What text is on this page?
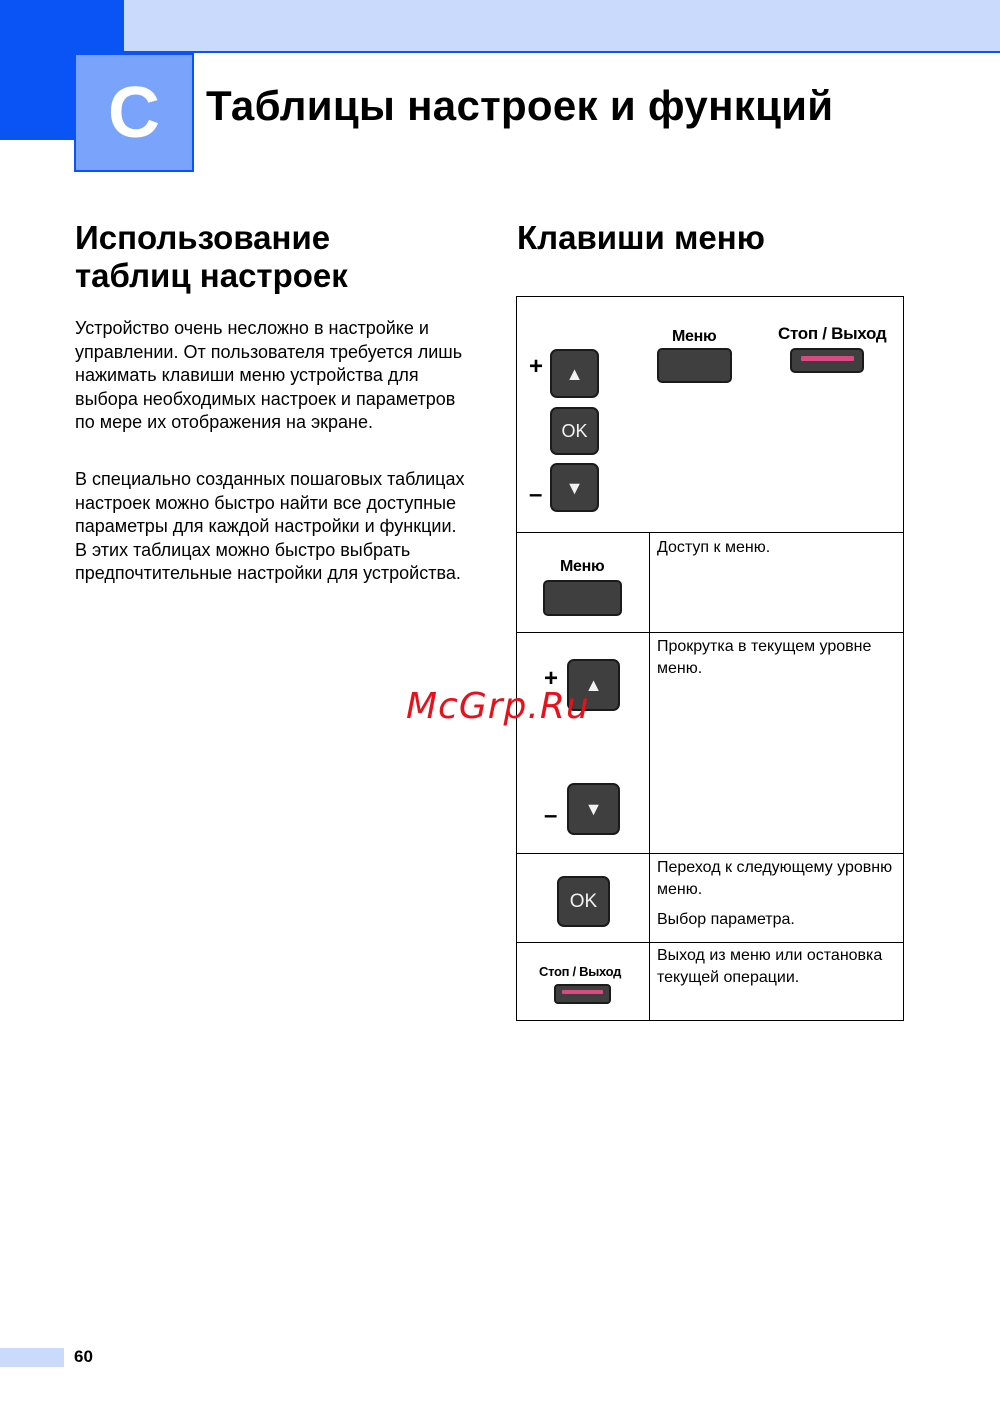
C Таблицы настроек и функций
Использование
таблиц настроек
Устройство очень несложно в настройке и управлении. От пользователя требуется лишь нажимать клавиши меню устройства для выбора необходимых настроек и параметров по мере их отображения на экране.
В специально созданных пошаговых таблицах настроек можно быстро найти все доступные параметры для каждой настройки и функции. В этих таблицах можно быстро выбрать предпочтительные настройки для устройства.
Клавиши меню
+ ▲
OK
– ▼
Меню	Стоп / Выход
Меню

Доступ к меню.

+ ▲
– ▼

Прокрутка в текущем уровне меню.

OK

Переход к следующему уровню меню.

Выбор параметра.

Стоп / Выход

Выход из меню или остановка текущей операции.

McGrp.Ru
60
